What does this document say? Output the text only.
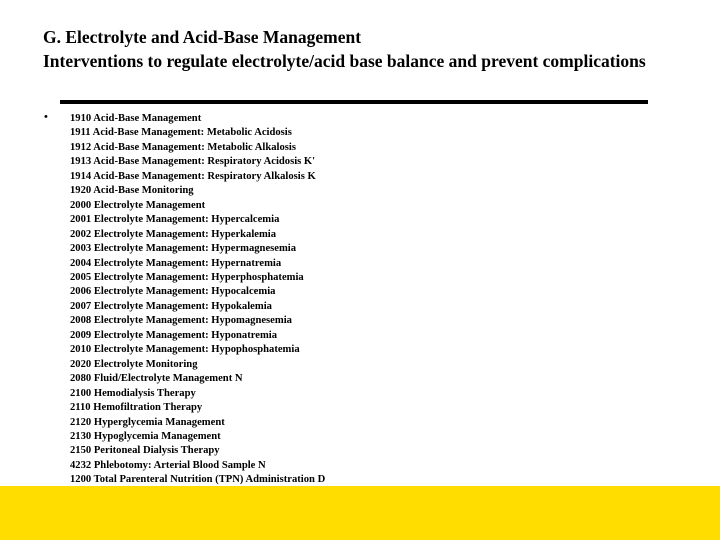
G. Electrolyte and Acid-Base Management
Interventions to regulate electrolyte/acid base balance and prevent complications
• 1910 Acid-Base Management
1911 Acid-Base Management: Metabolic Acidosis
1912 Acid-Base Management: Metabolic Alkalosis
1913 Acid-Base Management: Respiratory Acidosis K'
1914 Acid-Base Management: Respiratory Alkalosis K
1920 Acid-Base Monitoring
2000 Electrolyte Management
2001 Electrolyte Management: Hypercalcemia
2002 Electrolyte Management: Hyperkalemia
2003 Electrolyte Management: Hypermagnesemia
2004 Electrolyte Management: Hypernatremia
2005 Electrolyte Management: Hyperphosphatemia
2006 Electrolyte Management: Hypocalcemia
2007 Electrolyte Management: Hypokalemia
2008 Electrolyte Management: Hypomagnesemia
2009 Electrolyte Management: Hyponatremia
2010 Electrolyte Management: Hypophosphatemia
2020 Electrolyte Monitoring
2080 Fluid/Electrolyte Management N
2100 Hemodialysis Therapy
2110 Hemofiltration Therapy
2120 Hyperglycemia Management
2130 Hypoglycemia Management
2150 Peritoneal Dialysis Therapy
4232 Phlebotomy: Arterial Blood Sample N
1200 Total Parenteral Nutrition (TPN) Administration D
